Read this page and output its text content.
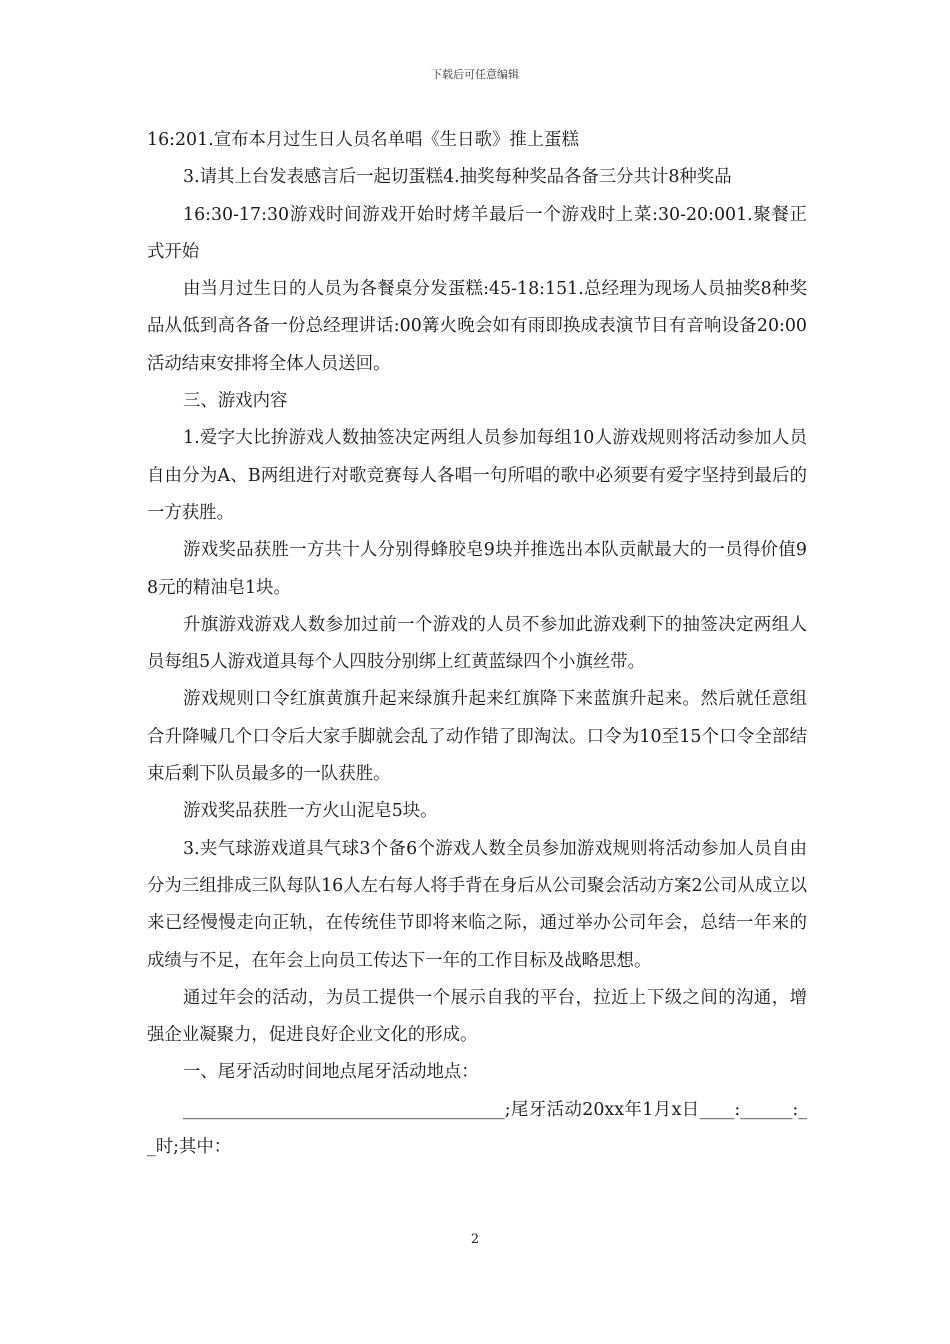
下载后可任意编辑

16:201.宣布本月过生日人员名单唱《生日歌》推上蛋糕

3.请其上台发表感言后一起切蛋糕4.抽奖每种奖品各备三分共计8种奖品

16:30-17:30游戏时间游戏开始时烤羊最后一个游戏时上菜:30-20:001.聚餐正式开始

由当月过生日的人员为各餐桌分发蛋糕:45-18:151.总经理为现场人员抽奖8种奖品从低到高各备一份总经理讲话:00篝火晚会如有雨即换成表演节目有音响设备20:00活动结束安排将全体人员送回。

三、游戏内容

1.爱字大比拚游戏人数抽签决定两组人员参加每组10人游戏规则将活动参加人员自由分为A、B两组进行对歌竞赛每人各唱一句所唱的歌中必须要有爱字坚持到最后的一方获胜。

游戏奖品获胜一方共十人分别得蜂胶皂9块并推选出本队贡献最大的一员得价值98元的精油皂1块。

升旗游戏游戏人数参加过前一个游戏的人员不参加此游戏剩下的抽签决定两组人员每组5人游戏道具每个人四肢分别绑上红黄蓝绿四个小旗丝带。

游戏规则口令红旗黄旗升起来绿旗升起来红旗降下来蓝旗升起来。然后就任意组合升降喊几个口令后大家手脚就会乱了动作错了即淘汰。口令为10至15个口令全部结束后剩下队员最多的一队获胜。

游戏奖品获胜一方火山泥皂5块。

3.夹气球游戏道具气球3个备6个游戏人数全员参加游戏规则将活动参加人员自由分为三组排成三队每队16人左右每人将手背在身后从公司聚会活动方案2公司从成立以来已经慢慢走向正轨，在传统佳节即将来临之际，通过举办公司年会，总结一年来的成绩与不足，在年会上向员工传达下一年的工作目标及战略思想。

通过年会的活动，为员工提供一个展示自我的平台，拉近上下级之间的沟通，增强企业凝聚力，促进良好企业文化的形成。

一、尾牙活动时间地点尾牙活动地点：

_____________________________________;尾牙活动20xx年1月x日____:______:__时;其中：

2
